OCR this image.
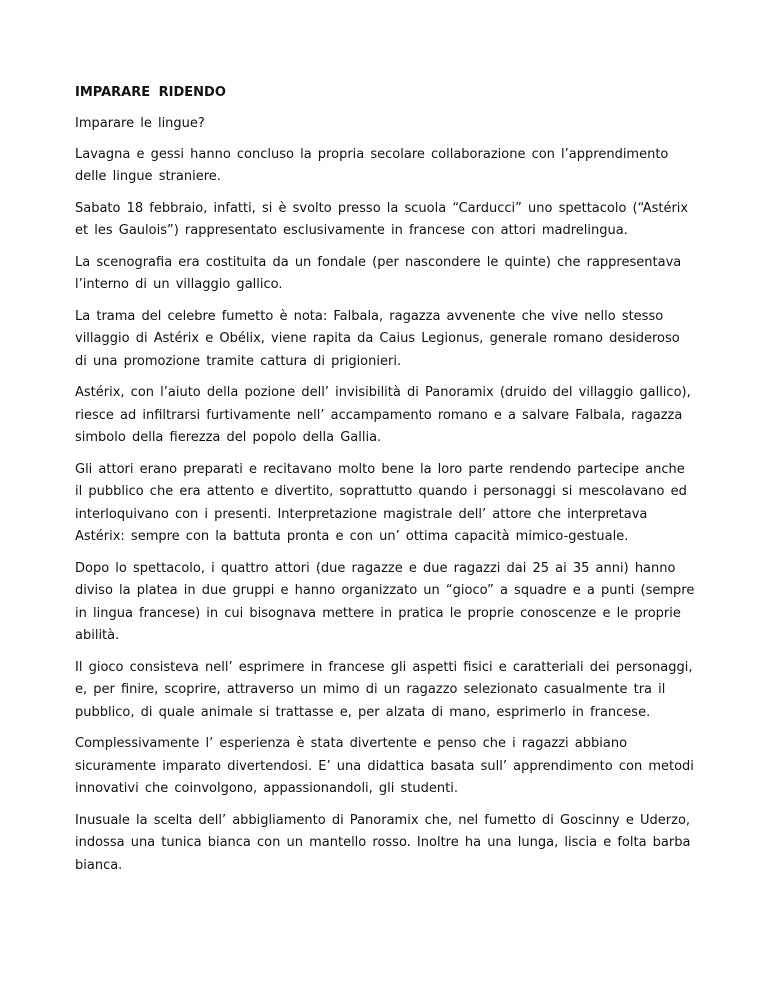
IMPARARE RIDENDO

Imparare le lingue?

Lavagna e gessi hanno concluso la propria secolare collaborazione con l’apprendimento delle lingue straniere.

Sabato 18 febbraio, infatti, si è svolto presso la scuola “Carducci” uno spettacolo (“Astérix et les Gaulois”) rappresentato esclusivamente in francese con attori madrelingua.

La scenografia era costituita da un fondale (per nascondere le quinte) che rappresentava l’interno di un villaggio gallico.

La trama del celebre fumetto è nota: Falbala, ragazza avvenente che vive nello stesso villaggio di Astérix e Obélix, viene rapita da Caius Legionus, generale romano desideroso di una promozione tramite cattura di prigionieri.

Astérix, con l’aiuto della pozione dell’ invisibilità di Panoramix (druido del villaggio gallico), riesce ad infiltrarsi furtivamente nell’ accampamento romano e a salvare Falbala, ragazza simbolo della fierezza del popolo della Gallia.

Gli attori erano preparati e recitavano molto bene la loro parte rendendo partecipe anche il pubblico che era attento e divertito, soprattutto quando i personaggi si mescolavano ed interloquivano con i presenti. Interpretazione magistrale dell’ attore che interpretava Astérix: sempre con la battuta pronta e con un’ ottima capacità mimico-gestuale.

Dopo lo spettacolo, i quattro attori (due ragazze e due ragazzi dai 25 ai 35 anni) hanno diviso la platea in due gruppi e hanno organizzato un “gioco” a squadre e a punti (sempre in lingua francese) in cui bisognava mettere in pratica le proprie conoscenze e le proprie abilità.

Il gioco consisteva nell’ esprimere in francese gli aspetti fisici e caratteriali dei personaggi, e, per finire, scoprire, attraverso un mimo di un ragazzo selezionato casualmente tra il pubblico, di quale animale si trattasse e, per alzata di mano, esprimerlo in francese.

Complessivamente l’ esperienza è stata divertente e penso che i ragazzi abbiano sicuramente imparato divertendosi. E’ una didattica basata sull’ apprendimento con metodi innovativi che coinvolgono, appassionandoli, gli studenti.

Inusuale la scelta dell’ abbigliamento di Panoramix che, nel fumetto di Goscinny e Uderzo, indossa una tunica bianca con un mantello rosso. Inoltre ha una lunga, liscia e folta barba bianca.
